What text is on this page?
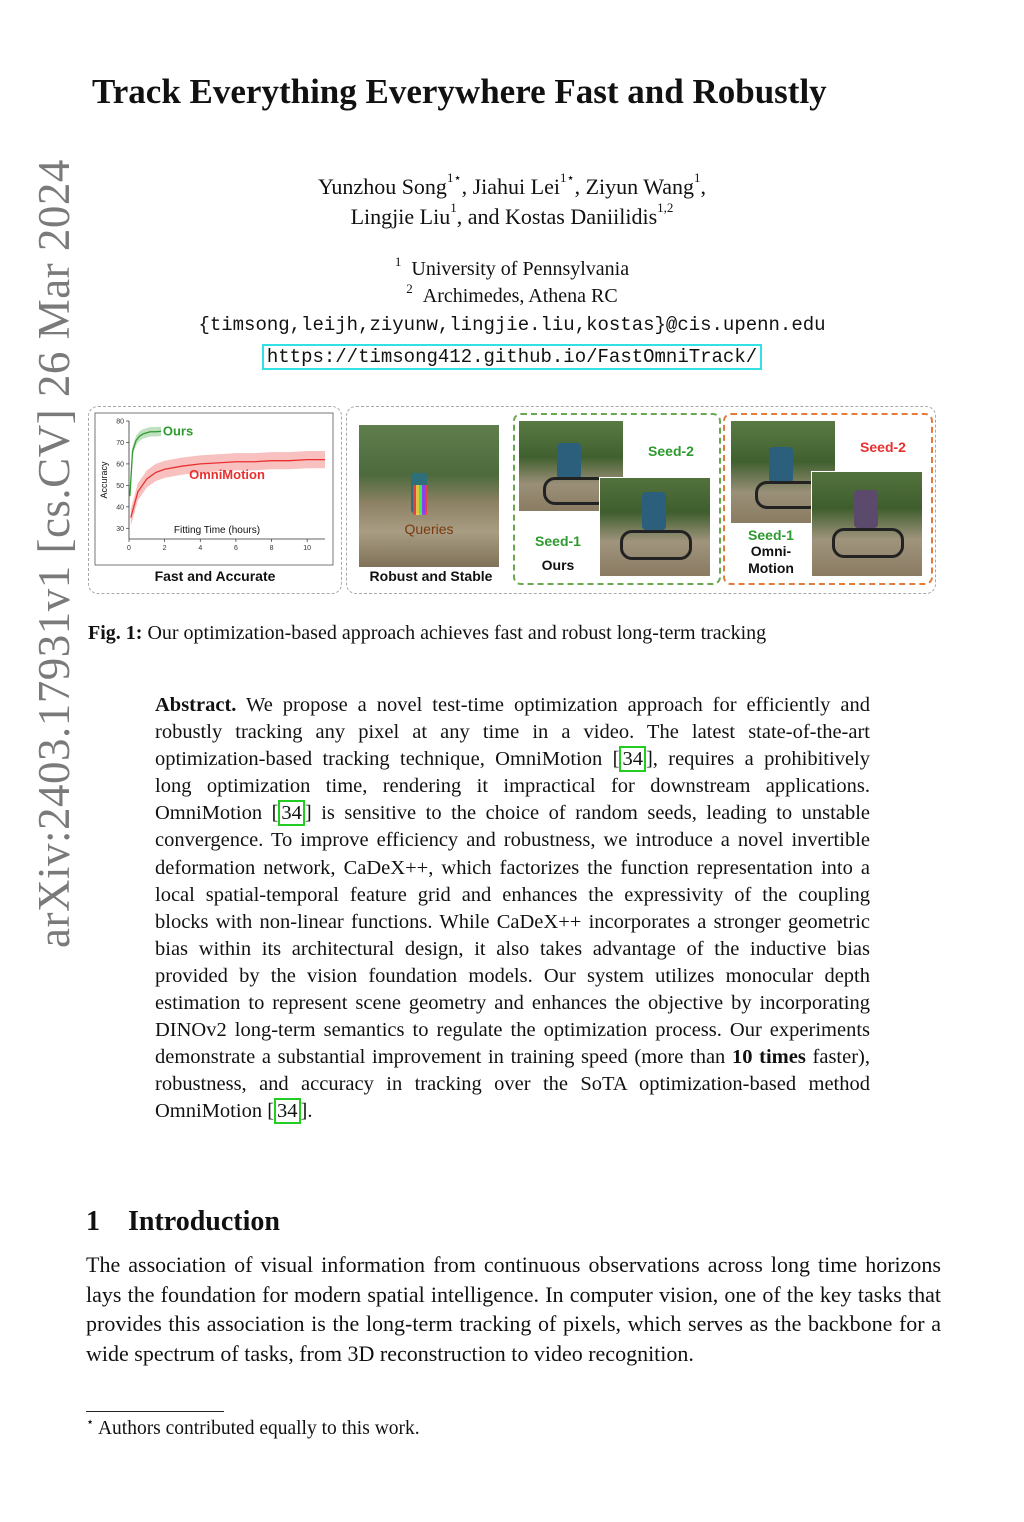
arXiv:2403.17931v1 [cs.CV] 26 Mar 2024
Track Everything Everywhere Fast and Robustly
Yunzhou Song$^{1⋆}$, Jiahui Lei$^{1⋆}$, Ziyun Wang$^1$,
Lingjie Liu$^1$, and Kostas Daniilidis$^{1,2}$
$^1$ University of Pennsylvania
$^2$ Archimedes, Athena RC
{timsong,leijh,ziyunw,lingjie.liu,kostas}@cis.upenn.edu
https://timsong412.github.io/FastOmniTrack/
0	2	4	6	8	10
30
40
50
60
70
80
Accuracy
Fitting Time (hours)
Ours
OmniMotion
Fast and Accurate
Queries
Robust and Stable
Seed-2
Seed-1
Ours
Seed-2
Seed-1
Omni-
Motion
Fig. 1: Our optimization-based approach achieves fast and robust long-term tracking
Abstract. We propose a novel test-time optimization approach for efficiently and robustly tracking any pixel at any time in a video. The latest state-of-the-art optimization-based tracking technique, OmniMotion [ 34 ], requires a prohibitively long optimization time, rendering it impractical for downstream applications. OmniMotion [ 34 ] is sensitive to the choice of random seeds, leading to unstable convergence. To improve efficiency and robustness, we introduce a novel invertible deformation network, CaDeX++, which factorizes the function representation into a local spatial-temporal feature grid and enhances the expressivity of the coupling blocks with non-linear functions. While CaDeX++ incorporates a stronger geometric bias within its architectural design, it also takes advantage of the inductive bias provided by the vision foundation models. Our system utilizes monocular depth estimation to represent scene geometry and enhances the objective by incorporating DINOv2 long-term semantics to regulate the optimization process. Our experiments demonstrate a substantial improvement in training speed (more than 10 times faster), robustness, and accuracy in tracking over the SoTA optimization-based method OmniMotion [ 34 ].
1 Introduction
The association of visual information from continuous observations across long time horizons lays the foundation for modern spatial intelligence. In computer vision, one of the key tasks that provides this association is the long-term tracking of pixels, which serves as the backbone for a wide spectrum of tasks, from 3D reconstruction to video recognition.
⋆ Authors contributed equally to this work.
